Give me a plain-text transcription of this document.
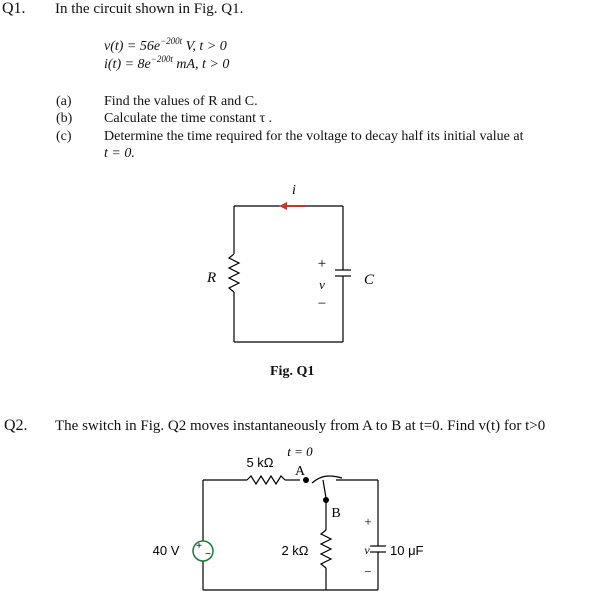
Q1. In the circuit shown in Fig. Q1.
$v(t) = 56e^{-200t}$ V, t > 0
$i(t) = 8e^{-200t}$ mA, t > 0
(a) Find the values of R and C.
(b) Calculate the time constant τ .
(c) Determine the time required for the voltage to decay half its initial value at
t = 0.
i
R	C
+
v
−
Fig. Q1
Q2. The switch in Fig. Q2 moves instantaneously from A to B at t=0. Find v(t) for t>0
+
−
t = 0
5 kΩ
A
B
40 V	2 kΩ
+
v
−
10 μF
